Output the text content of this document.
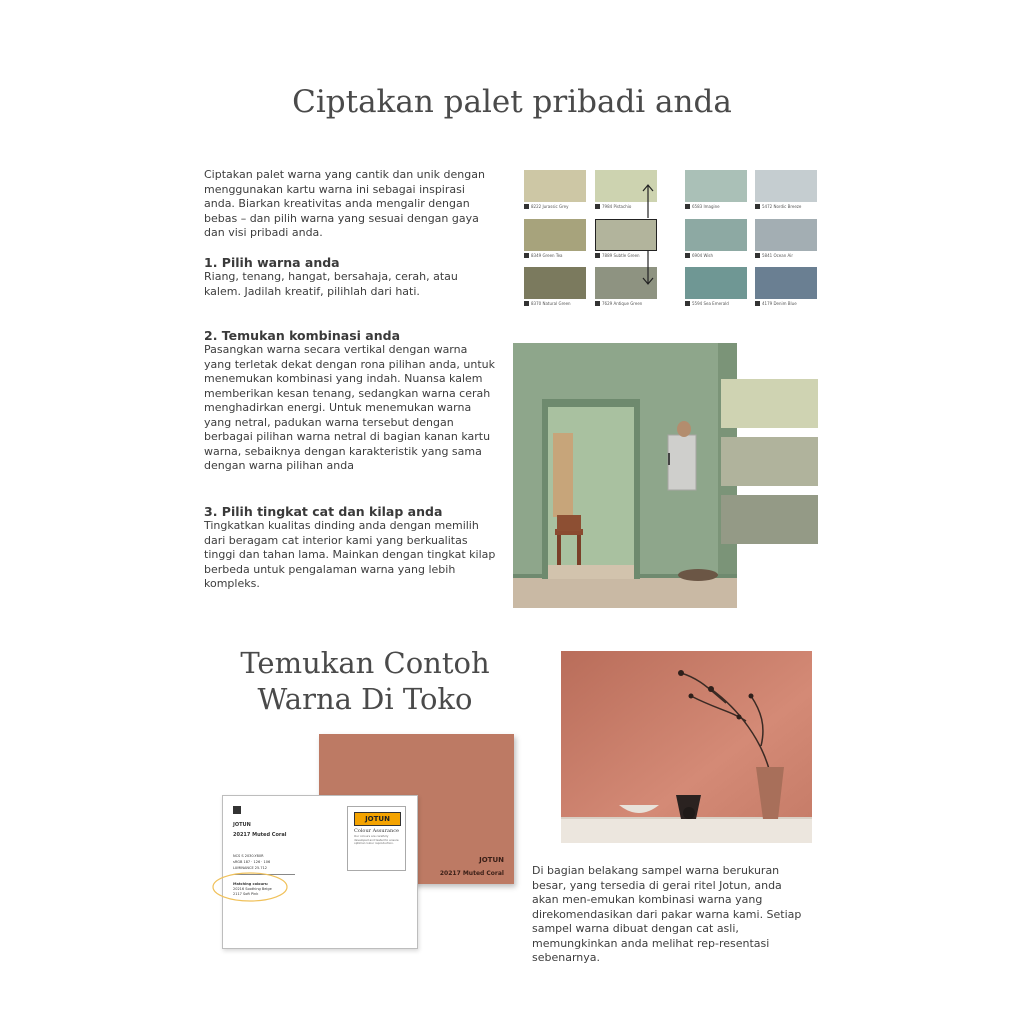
Ciptakan palet pribadi anda
Ciptakan palet warna yang cantik dan unik dengan menggunakan kartu warna ini sebagai inspirasi anda. Biarkan kreativitas anda mengalir dengan bebas – dan pilih warna yang sesuai dengan gaya dan visi pribadi anda.

1. Pilih warna anda

Riang, tenang, hangat, bersahaja, cerah, atau kalem. Jadilah kreatif, pilihlah dari hati.

2. Temukan kombinasi anda

Pasangkan warna secara vertikal dengan warna yang terletak dekat dengan rona pilihan anda, untuk menemukan kombinasi yang indah. Nuansa kalem memberikan kesan tenang, sedangkan warna cerah menghadirkan energi. Untuk menemukan warna yang netral, padukan warna tersebut dengan berbagai pilihan warna netral di bagian kanan kartu warna, sebaiknya dengan karakteristik yang sama dengan warna pilihan anda

3. Pilih tingkat cat dan kilap anda

Tingkatkan kualitas dinding anda dengan memilih dari beragam cat interior kami yang berkualitas tinggi dan tahan lama. Mainkan dengan tingkat kilap berbeda untuk pengalaman warna yang lebih kompleks.
8222 Jurassic Grey	7984 Pistachio
8349 Green Tea	7889 Subtle Green
8370 Natural Green	7629 Antique Green
6583 Imagine	5472 Nordic Breeze
6904 Wish	5841 Ocean Air
5594 Sea Emerald	4179 Denim Blue
Temukan Contoh
Warna Di Toko
JOTUN
20217 Muted Coral
JOTUN
20217 Muted Coral
NCS S 2030-Y80R
sRGB 187 · 126 · 106
LUMINANCE 25.712
Matching colours:
20216 Soothing Beige
2117 Soft Pink
JOTUN
Colour Assurance
Our colours are carefully developed and tested to ensure optimal colour reproduction.
Di bagian belakang sampel warna berukuran besar, yang tersedia di gerai ritel Jotun, anda akan men-emukan kombinasi warna yang direkomendasikan dari pakar warna kami. Setiap sampel warna dibuat dengan cat asli, memungkinkan anda melihat rep-resentasi sebenarnya.
